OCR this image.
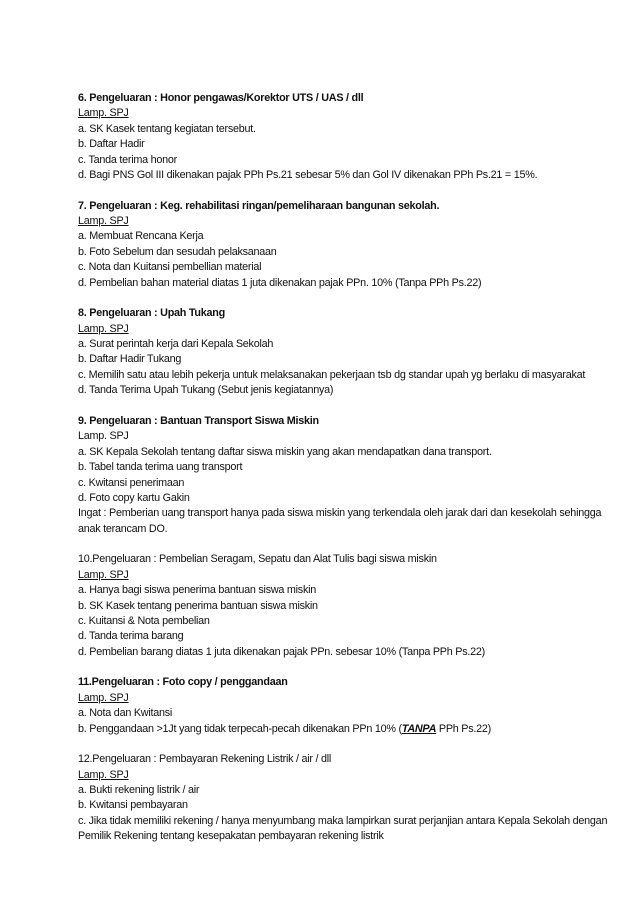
6. Pengeluaran : Honor pengawas/Korektor UTS / UAS / dll
Lamp. SPJ
a. SK Kasek tentang kegiatan tersebut.
b. Daftar Hadir
c. Tanda terima honor
d. Bagi PNS Gol III dikenakan pajak PPh Ps.21 sebesar 5% dan Gol IV dikenakan PPh Ps.21 = 15%.
7. Pengeluaran : Keg. rehabilitasi ringan/pemeliharaan bangunan sekolah.
Lamp. SPJ
a. Membuat Rencana Kerja
b. Foto Sebelum dan sesudah pelaksanaan
c. Nota dan Kuitansi pembellian material
d. Pembelian bahan material diatas 1 juta dikenakan pajak PPn. 10% (Tanpa PPh Ps.22)
8. Pengeluaran : Upah Tukang
Lamp. SPJ
a. Surat perintah kerja dari Kepala Sekolah
b. Daftar Hadir Tukang
c. Memilih satu atau lebih pekerja untuk melaksanakan pekerjaan tsb dg standar upah yg berlaku di masyarakat
d. Tanda Terima Upah Tukang (Sebut jenis kegiatannya)
9. Pengeluaran : Bantuan Transport Siswa Miskin
Lamp. SPJ
a. SK Kepala Sekolah tentang daftar siswa miskin yang akan mendapatkan dana transport.
b. Tabel tanda terima uang transport
c. Kwitansi penerimaan
d. Foto copy kartu Gakin
Ingat : Pemberian uang transport hanya pada siswa miskin yang terkendala oleh jarak dari dan kesekolah sehingga anak terancam DO.
10.Pengeluaran : Pembelian Seragam, Sepatu dan Alat Tulis bagi siswa miskin
Lamp. SPJ
a. Hanya bagi siswa penerima bantuan siswa miskin
b. SK Kasek tentang penerima bantuan siswa miskin
c. Kuitansi & Nota pembelian
d. Tanda terima barang
d. Pembelian barang diatas 1 juta dikenakan pajak PPn. sebesar 10% (Tanpa PPh Ps.22)
11.Pengeluaran : Foto copy / penggandaan
Lamp. SPJ
a. Nota dan Kwitansi
b. Penggandaan >1Jt yang tidak terpecah-pecah dikenakan PPn 10% (TANPA PPh Ps.22)
12.Pengeluaran : Pembayaran Rekening Listrik / air / dll
Lamp. SPJ
a. Bukti rekening listrik / air
b. Kwitansi pembayaran
c. Jika tidak memiliki rekening / hanya menyumbang maka lampirkan surat perjanjian antara Kepala Sekolah dengan Pemilik Rekening tentang kesepakatan pembayaran rekening listrik
